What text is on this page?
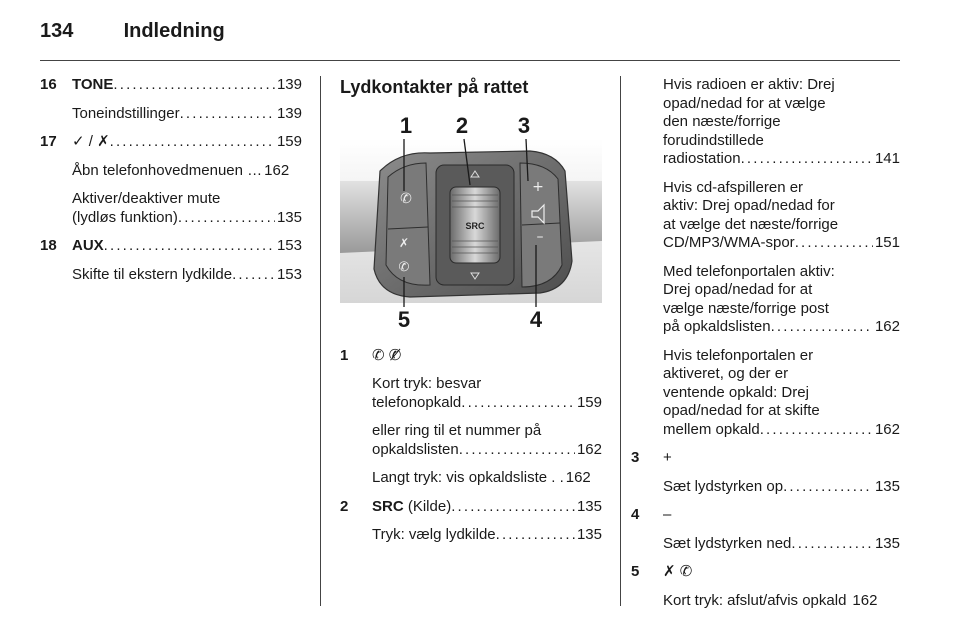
134	Indledning
16	TONE . . .	139
Toneindstillinger . . .	139
17	✓ / ✗ . . .	159
Åbn telefonhovedmenuen … 162
Aktiver/deaktiver mute
(lydløs funktion) . . .	135
18	AUX . . .	153
Skifte til ekstern lydkilde . . .	153
Lydkontakter på rattet
SRC
✆
✗
✆
+
–
1 2 3
4
5
1	✆ ✆̸
Kort tryk: besvar
telefonopkald . . .	159
eller ring til et nummer på
opkaldslisten . . .	162
Langt tryk: vis opkaldsliste . . 162
2	SRC (Kilde) . . .	135
Tryk: vælg lydkilde . . .	135
Hvis radioen er aktiv: Drej
opad/nedad for at vælge
den næste/forrige
forudindstillede
radiostation . . .	141
Hvis cd-afspilleren er
aktiv: Drej opad/nedad for
at vælge det næste/forrige
CD/MP3/WMA-spor . . .	151
Med telefonportalen aktiv:
Drej opad/nedad for at
vælge næste/forrige post
på opkaldslisten . . .	162
Hvis telefonportalen er
aktiveret, og der er
ventende opkald: Drej
opad/nedad for at skifte
mellem opkald . . .	162
3	+
Sæt lydstyrken op . . .	135
4	–
Sæt lydstyrken ned . . .	135
5	✗ ✆
Kort tryk: afslut/afvis opkald 162
